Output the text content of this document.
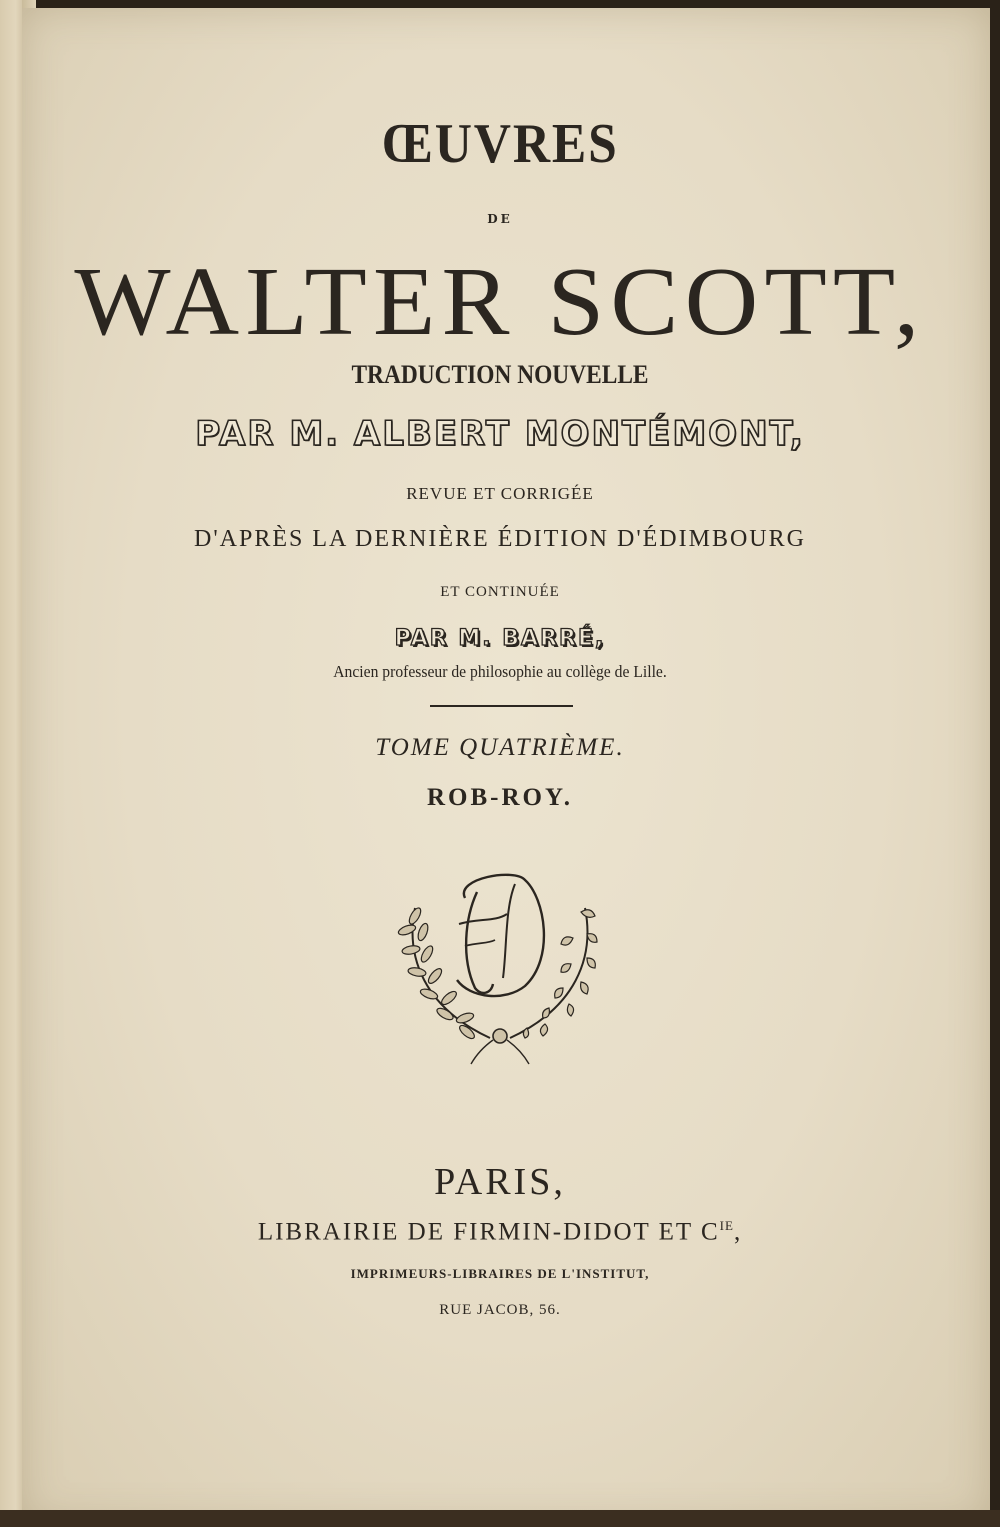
ŒUVRES
DE
WALTER SCOTT,
TRADUCTION NOUVELLE
PAR M. ALBERT MONTÉMONT,
REVUE ET CORRIGÉE
D'APRÈS LA DERNIÈRE ÉDITION D'ÉDIMBOURG
ET CONTINUÉE
PAR M. BARRÉ,
Ancien professeur de philosophie au collège de Lille.
TOME QUATRIÈME.
ROB-ROY.
PARIS,
LIBRAIRIE DE FIRMIN-DIDOT ET $C^{IE}$,
IMPRIMEURS-LIBRAIRES DE L'INSTITUT,
RUE JACOB, 56.
